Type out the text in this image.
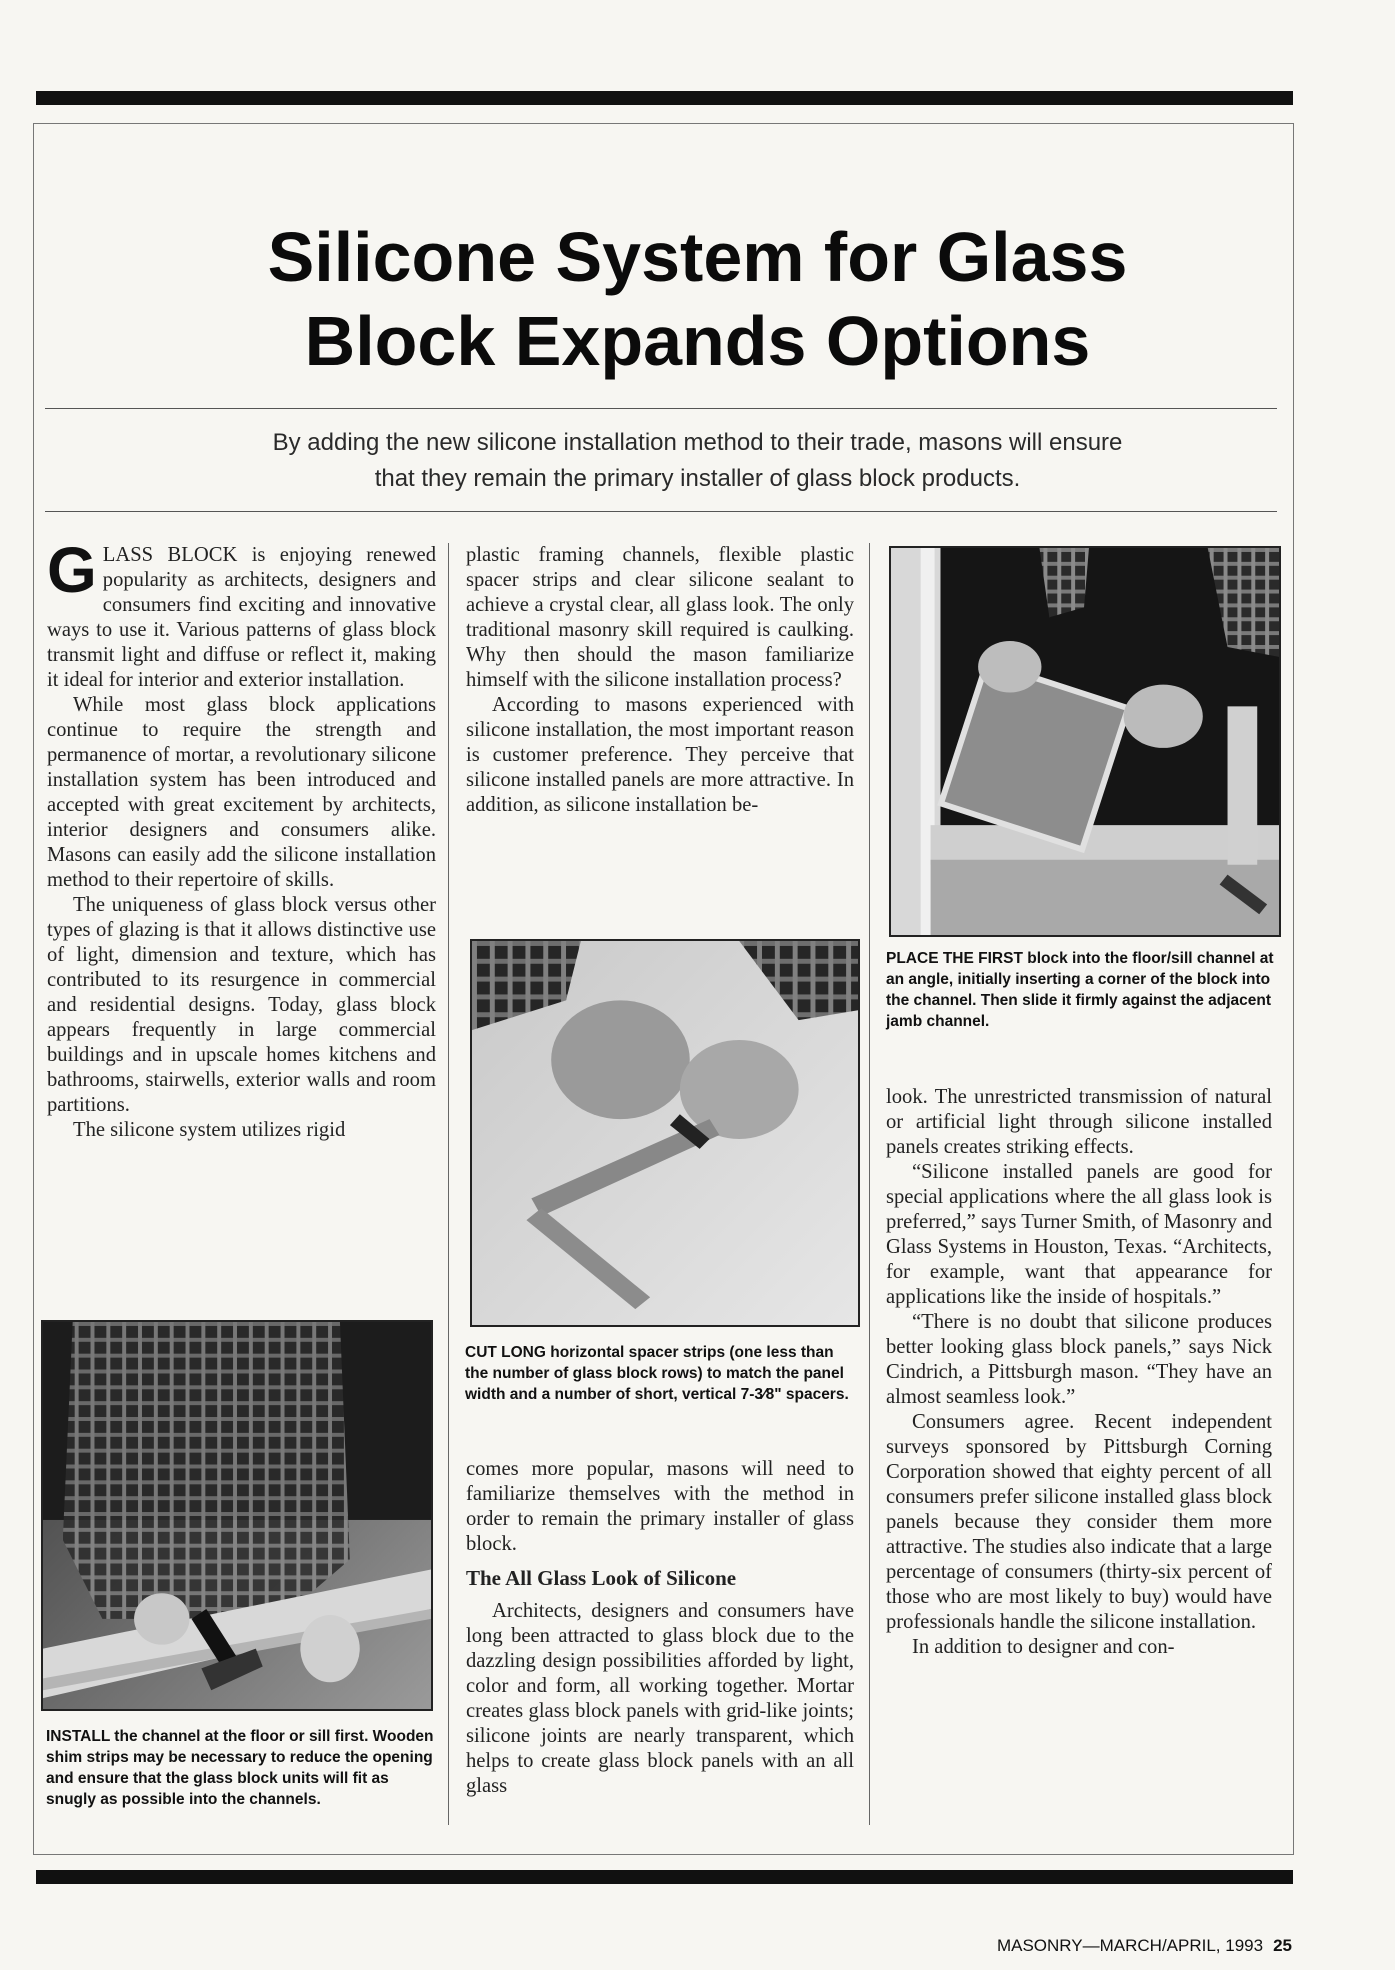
Silicone System for Glass
Block Expands Options

By adding the new silicone installation method to their trade, masons will ensure
that they remain the primary installer of glass block products.

GLASS BLOCK is enjoying renewed popularity as architects, designers and consumers find exciting and innovative ways to use it. Various patterns of glass block transmit light and diffuse or reflect it, making it ideal for interior and exterior installation.

While most glass block applications continue to require the strength and permanence of mortar, a revolutionary silicone installation system has been introduced and accepted with great excitement by architects, interior designers and consumers alike. Masons can easily add the silicone installation method to their repertoire of skills.

The uniqueness of glass block versus other types of glazing is that it allows distinctive use of light, dimension and texture, which has contributed to its resurgence in commercial and residential designs. Today, glass block appears frequently in large commercial buildings and in upscale homes kitchens and bathrooms, stairwells, exterior walls and room partitions.

The silicone system utilizes rigid

INSTALL the channel at the floor or sill first. Wooden shim strips may be necessary to reduce the opening and ensure that the glass block units will fit as snugly as possible into the channels.

plastic framing channels, flexible plastic spacer strips and clear silicone sealant to achieve a crystal clear, all glass look. The only traditional masonry skill required is caulking. Why then should the mason familiarize himself with the silicone installation process?

According to masons experienced with silicone installation, the most important reason is customer preference. They perceive that silicone installed panels are more attractive. In addition, as silicone installation be-

CUT LONG horizontal spacer strips (one less than the number of glass block rows) to match the panel width and a number of short, vertical 7-3⁄8" spacers.

comes more popular, masons will need to familiarize themselves with the method in order to remain the primary installer of glass block.

The All Glass Look of Silicone

Architects, designers and consumers have long been attracted to glass block due to the dazzling design possibilities afforded by light, color and form, all working together. Mortar creates glass block panels with grid-like joints; silicone joints are nearly transparent, which helps to create glass block panels with an all glass

PLACE THE FIRST block into the floor/sill channel at an angle, initially inserting a corner of the block into the channel. Then slide it firmly against the adjacent jamb channel.

look. The unrestricted transmission of natural or artificial light through silicone installed panels creates striking effects.

“Silicone installed panels are good for special applications where the all glass look is preferred,” says Turner Smith, of Masonry and Glass Systems in Houston, Texas. “Architects, for example, want that appearance for applications like the inside of hospitals.”

“There is no doubt that silicone produces better looking glass block panels,” says Nick Cindrich, a Pittsburgh mason. “They have an almost seamless look.”

Consumers agree. Recent independent surveys sponsored by Pittsburgh Corning Corporation showed that eighty percent of all consumers prefer silicone installed glass block panels because they consider them more attractive. The studies also indicate that a large percentage of consumers (thirty-six percent of those who are most likely to buy) would have professionals handle the silicone installation.

In addition to designer and con-

MASONRY—MARCH/APRIL, 1993 25
